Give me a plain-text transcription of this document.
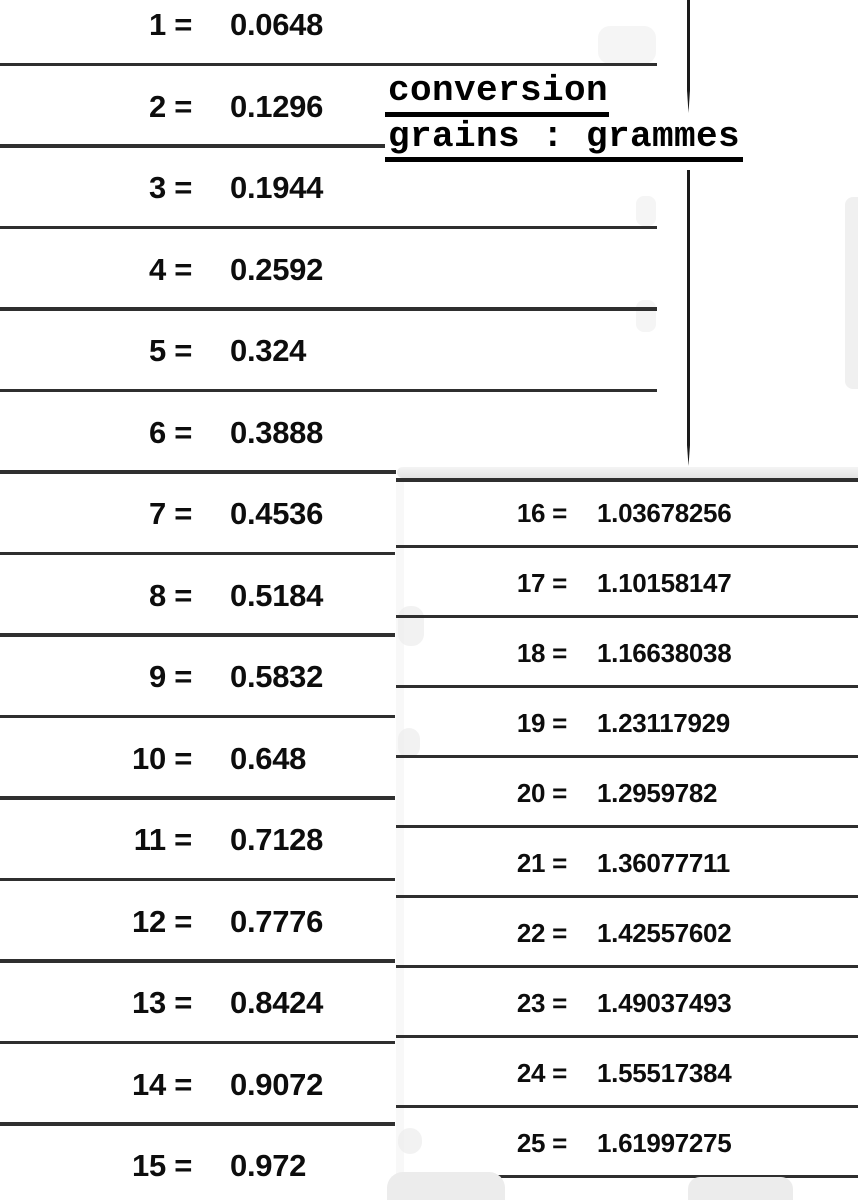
1 = 0.0648
2 = 0.1296
3 = 0.1944
4 = 0.2592
5 = 0.324
6 = 0.3888
7 = 0.4536
8 = 0.5184
9 = 0.5832
10 = 0.648
11 = 0.7128
12 = 0.7776
13 = 0.8424
14 = 0.9072
15 = 0.972
conversion
grains : grammes
16 = 1.03678256
17 = 1.10158147
18 = 1.16638038
19 = 1.23117929
20 = 1.2959782
21 = 1.36077711
22 = 1.42557602
23 = 1.49037493
24 = 1.55517384
25 = 1.61997275
